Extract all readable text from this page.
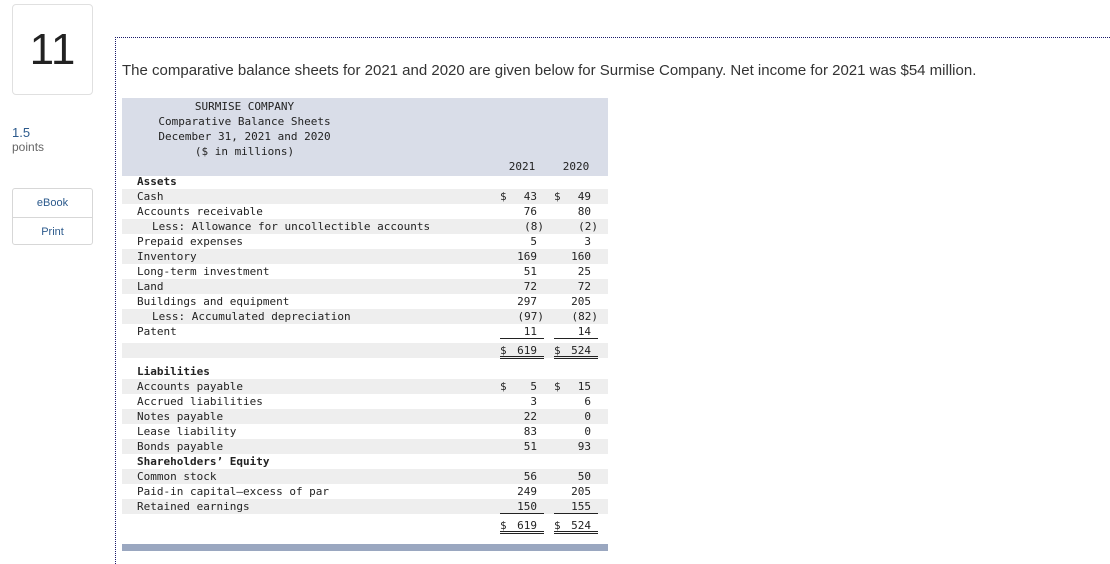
11
1.5
points
eBook
Print
The comparative balance sheets for 2021 and 2020 are given below for Surmise Company. Net income for 2021 was $54 million.
SURMISE COMPANY
Comparative Balance Sheets
December 31, 2021 and 2020
($ in millions)
2021	2020
Assets
Cash	$ 43 $ 49
Accounts receivable	76	80
Less: Allowance for uncollectible accounts	(8)	(2)
Prepaid expenses	5	3
Inventory	169	160
Long-term investment	51	25
Land	72	72
Buildings and equipment	297	205
Less: Accumulated depreciation	(97)	(82)
Patent	11	14
$ 619 $ 524
Liabilities
Accounts payable	$ 5 $ 15
Accrued liabilities	3	6
Notes payable	22	0
Lease liability	83	0
Bonds payable	51	93
Shareholders’ Equity
Common stock	56	50
Paid-in capital—excess of par	249	205
Retained earnings	150	155
$ 619 $ 524
